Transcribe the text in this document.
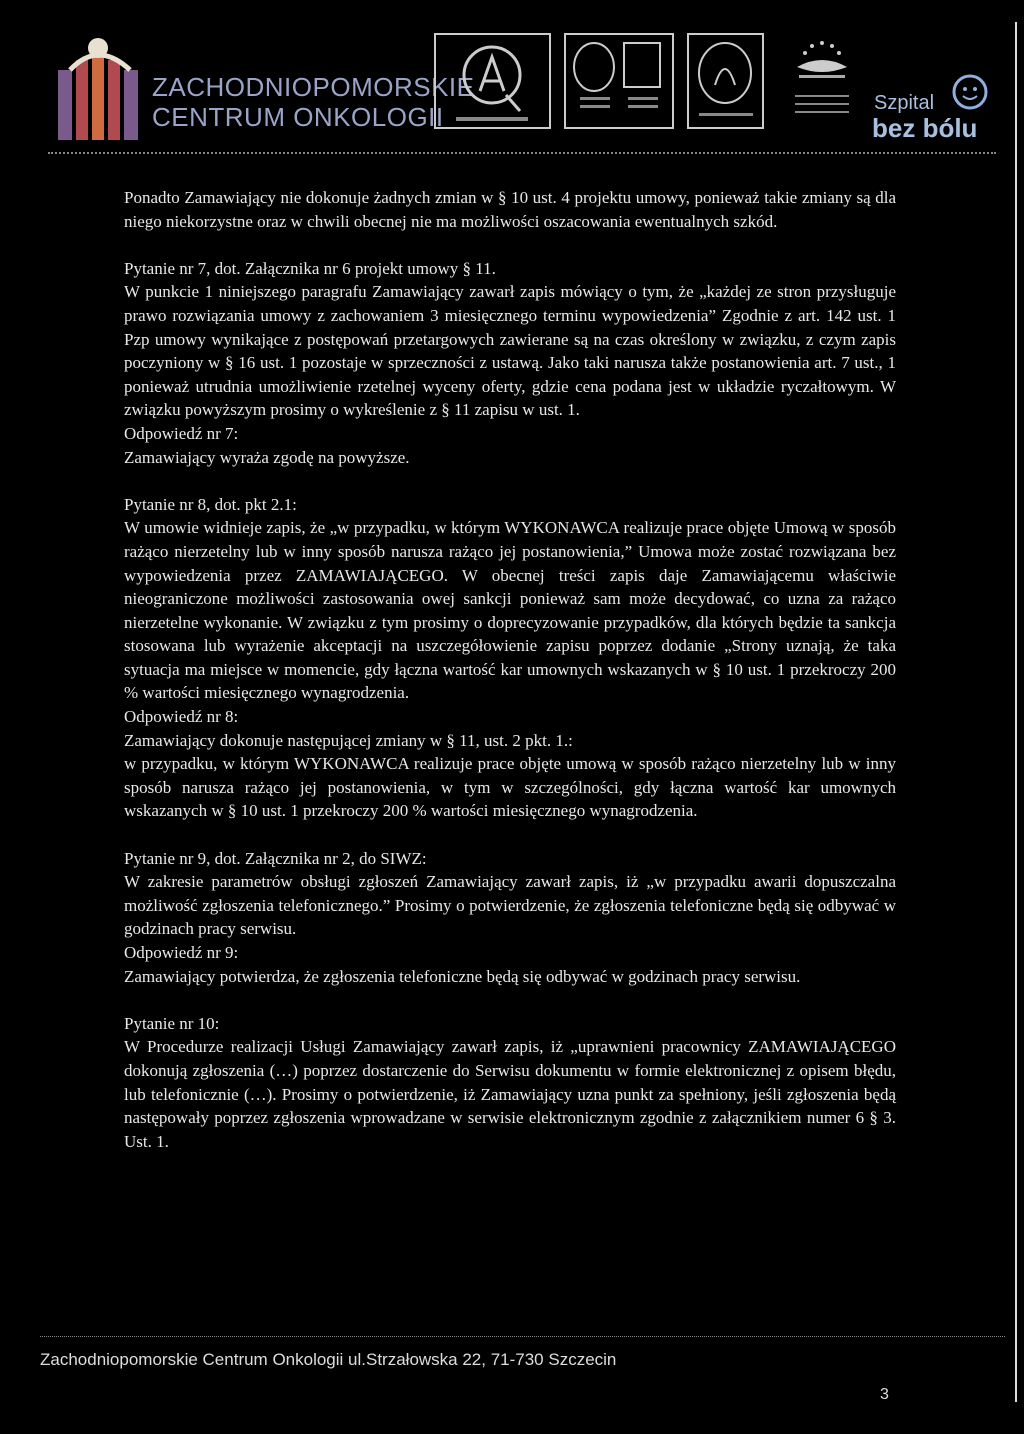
ZACHODNIOPOMORSKIE
CENTRUM ONKOLOGII	Szpital
bez bólu

Ponadto Zamawiający nie dokonuje żadnych zmian w § 10 ust. 4 projektu umowy, ponieważ takie zmiany są dla niego niekorzystne oraz w chwili obecnej nie ma możliwości oszacowania ewentualnych szkód.

Pytanie nr 7, dot. Załącznika nr 6 projekt umowy § 11.

W punkcie 1 niniejszego paragrafu Zamawiający zawarł zapis mówiący o tym, że „każdej ze stron przysługuje prawo rozwiązania umowy z zachowaniem 3 miesięcznego terminu wypowiedzenia” Zgodnie z art. 142 ust. 1 Pzp umowy wynikające z postępowań przetargowych zawierane są na czas określony w związku, z czym zapis poczyniony w § 16 ust. 1 pozostaje w sprzeczności z ustawą. Jako taki narusza także postanowienia art. 7 ust., 1 ponieważ utrudnia umożliwienie rzetelnej wyceny oferty, gdzie cena podana jest w układzie ryczałtowym. W związku powyższym prosimy o wykreślenie z § 11 zapisu w ust. 1.

Odpowiedź nr 7:

Zamawiający wyraża zgodę na powyższe.

Pytanie nr 8, dot. pkt 2.1:

W umowie widnieje zapis, że „w przypadku, w którym WYKONAWCA realizuje prace objęte Umową w sposób rażąco nierzetelny lub w inny sposób narusza rażąco jej postanowienia,” Umowa może zostać rozwiązana bez wypowiedzenia przez ZAMAWIAJĄCEGO. W obecnej treści zapis daje Zamawiającemu właściwie nieograniczone możliwości zastosowania owej sankcji ponieważ sam może decydować, co uzna za rażąco nierzetelne wykonanie. W związku z tym prosimy o doprecyzowanie przypadków, dla których będzie ta sankcja stosowana lub wyrażenie akceptacji na uszczegółowienie zapisu poprzez dodanie „Strony uznają, że taka sytuacja ma miejsce w momencie, gdy łączna wartość kar umownych wskazanych w § 10 ust. 1 przekroczy 200 % wartości miesięcznego wynagrodzenia.

Odpowiedź nr 8:

Zamawiający dokonuje następującej zmiany w § 11, ust. 2 pkt. 1.:

w przypadku, w którym WYKONAWCA realizuje prace objęte umową w sposób rażąco nierzetelny lub w inny sposób narusza rażąco jej postanowienia, w tym w szczególności, gdy łączna wartość kar umownych wskazanych w § 10 ust. 1 przekroczy 200 % wartości miesięcznego wynagrodzenia.

Pytanie nr 9, dot. Załącznika nr 2, do SIWZ:

W zakresie parametrów obsługi zgłoszeń Zamawiający zawarł zapis, iż „w przypadku awarii dopuszczalna możliwość zgłoszenia telefonicznego.” Prosimy o potwierdzenie, że zgłoszenia telefoniczne będą się odbywać w godzinach pracy serwisu.

Odpowiedź nr 9:

Zamawiający potwierdza, że zgłoszenia telefoniczne będą się odbywać w godzinach pracy serwisu.

Pytanie nr 10:

W Procedurze realizacji Usługi Zamawiający zawarł zapis, iż „uprawnieni pracownicy ZAMAWIAJĄCEGO dokonują zgłoszenia (…) poprzez dostarczenie do Serwisu dokumentu w formie elektronicznej z opisem błędu, lub telefonicznie (…). Prosimy o potwierdzenie, iż Zamawiający uzna punkt za spełniony, jeśli zgłoszenia będą następowały poprzez zgłoszenia wprowadzane w serwisie elektronicznym zgodnie z załącznikiem numer 6 § 3. Ust. 1.

Zachodniopomorskie Centrum Onkologii ul.Strzałowska 22, 71-730 Szczecin
3
